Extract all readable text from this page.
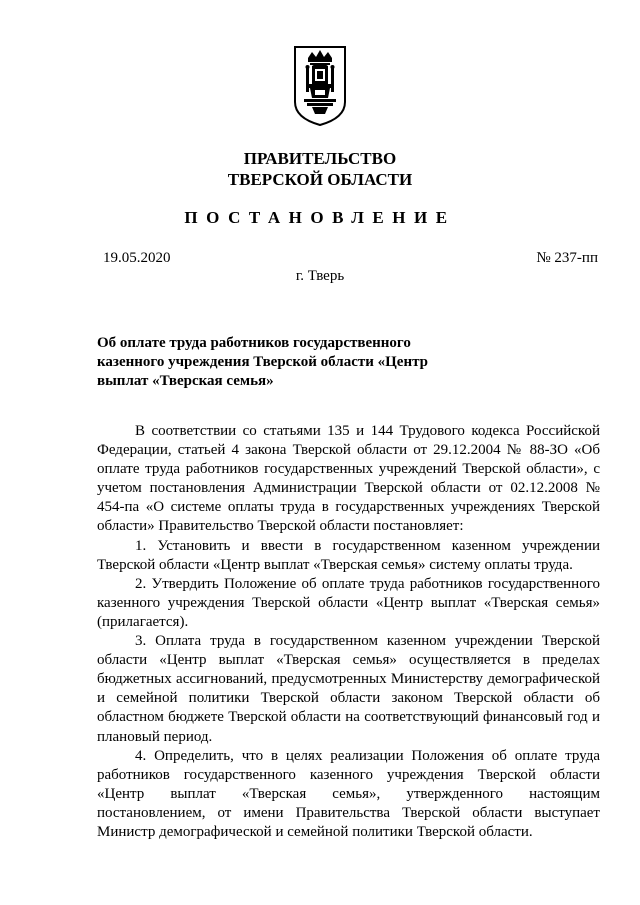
ПРАВИТЕЛЬСТВО
ТВЕРСКОЙ ОБЛАСТИ
ПОСТАНОВЛЕНИЕ
19.05.2020	№ 237-пп
г. Тверь
Об оплате труда работников государственного
казенного учреждения Тверской области «Центр
выплат «Тверская семья»

В соответствии со статьями 135 и 144 Трудового кодекса Российской Федерации, статьей 4 закона Тверской области от 29.12.2004 № 88-ЗО «Об оплате труда работников государственных учреждений Тверской области», с учетом постановления Администрации Тверской области от 02.12.2008 № 454-па «О системе оплаты труда в государственных учреждениях Тверской области» Правительство Тверской области постановляет:

1. Установить и ввести в государственном казенном учреждении Тверской области «Центр выплат «Тверская семья» систему оплаты труда.

2. Утвердить Положение об оплате труда работников государственного казенного учреждения Тверской области «Центр выплат «Тверская семья» (прилагается).

3. Оплата труда в государственном казенном учреждении Тверской области «Центр выплат «Тверская семья» осуществляется в пределах бюджетных ассигнований, предусмотренных Министерству демографической и семейной политики Тверской области законом Тверской области об областном бюджете Тверской области на соответствующий финансовый год и плановый период.

4. Определить, что в целях реализации Положения об оплате труда работников государственного казенного учреждения Тверской области «Центр выплат «Тверская семья», утвержденного настоящим постановлением, от имени Правительства Тверской области выступает Министр демографической и семейной политики Тверской области.
